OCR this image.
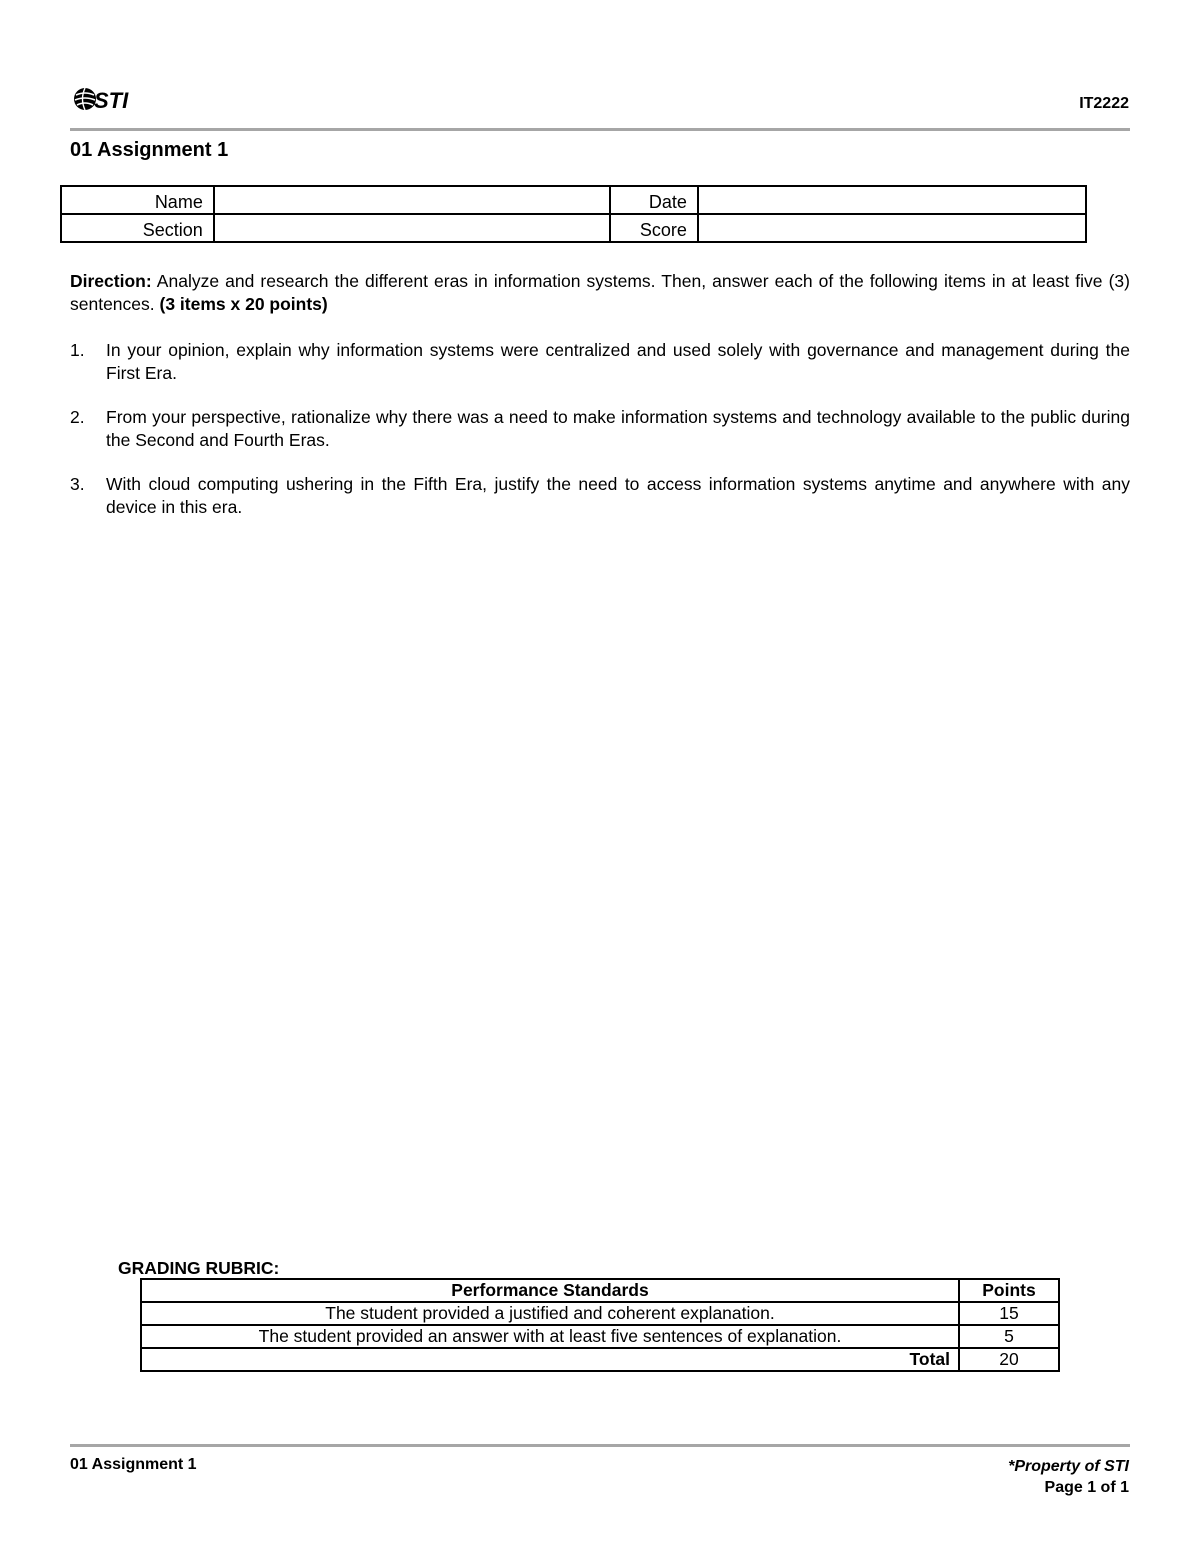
STI	IT2222
01 Assignment 1
Name		Date	
Section		Score	
Direction: Analyze and research the different eras in information systems. Then, answer each of the following items in at least five (3) sentences. (3 items x 20 points)
1. In your opinion, explain why information systems were centralized and used solely with governance and management during the First Era.
2. From your perspective, rationalize why there was a need to make information systems and technology available to the public during the Second and Fourth Eras.
3. With cloud computing ushering in the Fifth Era, justify the need to access information systems anytime and anywhere with any device in this era.
GRADING RUBRIC:
Performance Standards	Points
The student provided a justified and coherent explanation.	15
The student provided an answer with at least five sentences of explanation.	5
Total	20
01 Assignment 1	*Property of STI
Page 1 of 1
